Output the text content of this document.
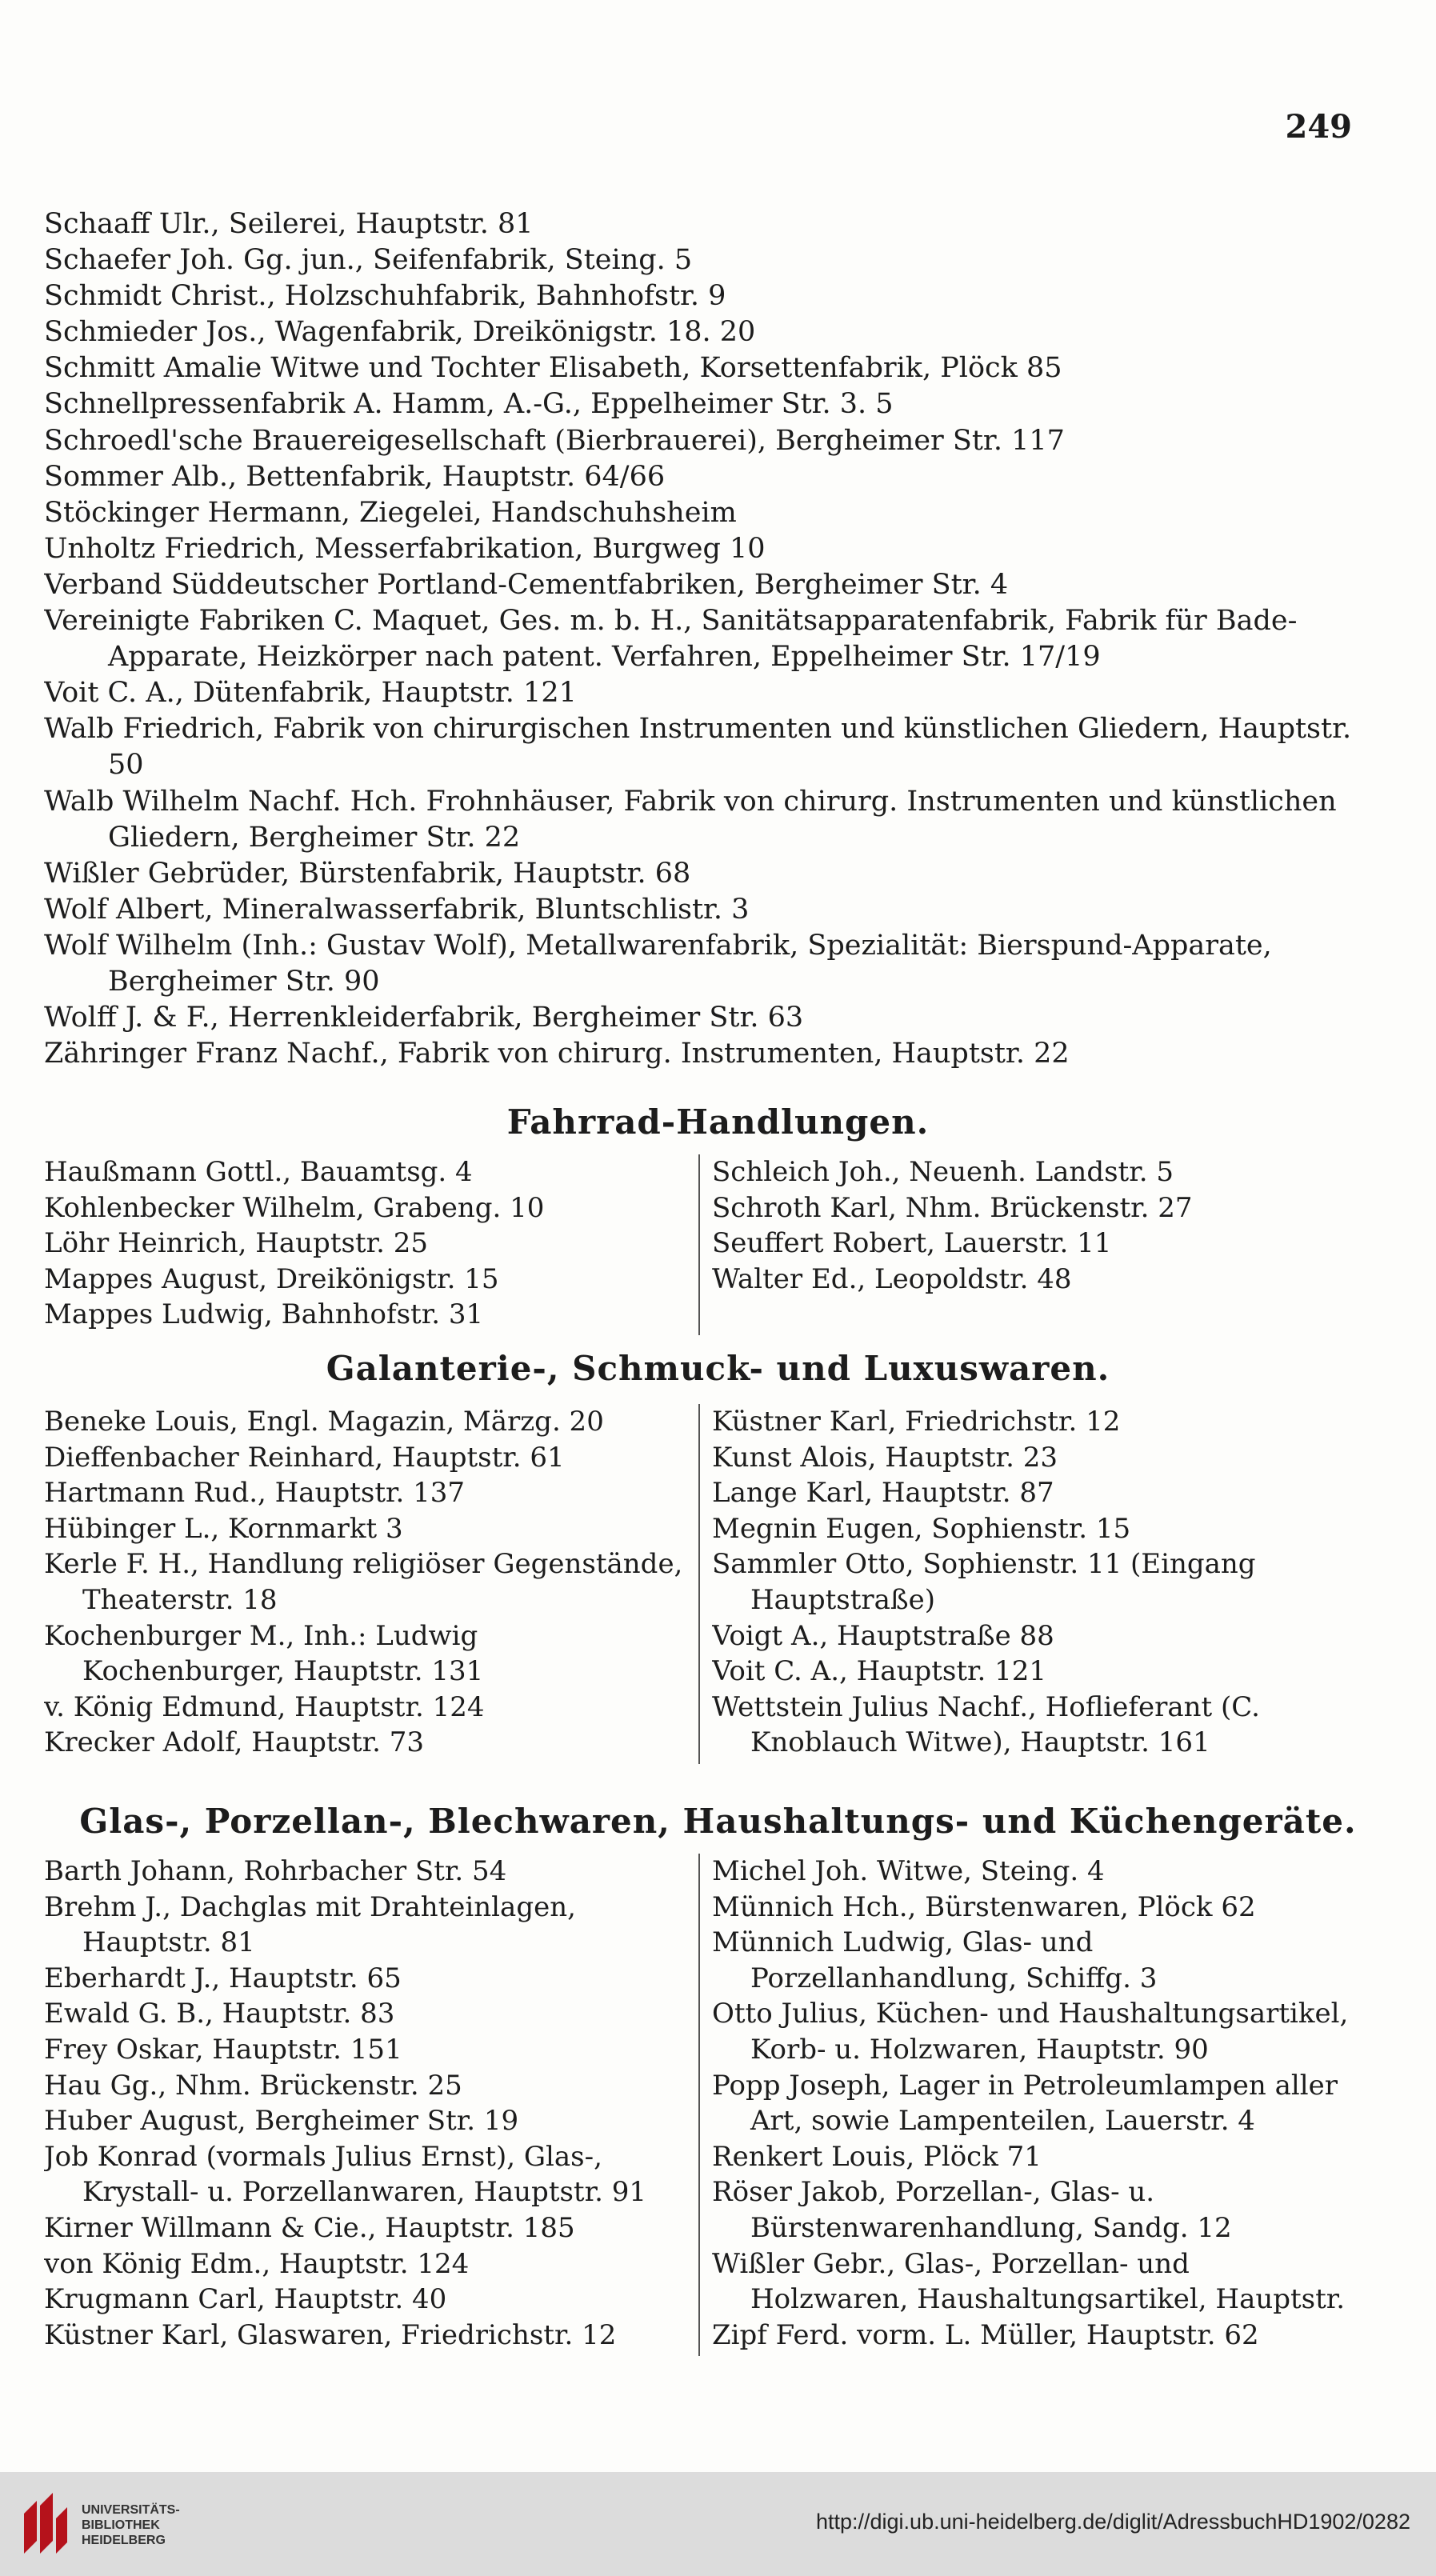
249

Schaaff Ulr., Seilerei, Hauptstr. 81
Schaefer Joh. Gg. jun., Seifenfabrik, Steing. 5
Schmidt Christ., Holzschuhfabrik, Bahnhofstr. 9
Schmieder Jos., Wagenfabrik, Dreikönigstr. 18. 20
Schmitt Amalie Witwe und Tochter Elisabeth, Korsettenfabrik, Plöck 85
Schnellpressenfabrik A. Hamm, A.-G., Eppelheimer Str. 3. 5
Schroedl'sche Brauereigesellschaft (Bierbrauerei), Bergheimer Str. 117
Sommer Alb., Bettenfabrik, Hauptstr. 64/66
Stöckinger Hermann, Ziegelei, Handschuhsheim
Unholtz Friedrich, Messerfabrikation, Burgweg 10
Verband Süddeutscher Portland-Cementfabriken, Bergheimer Str. 4
Vereinigte Fabriken C. Maquet, Ges. m. b. H., Sanitätsapparatenfabrik, Fabrik für Bade-Apparate, Heizkörper nach patent. Verfahren, Eppelheimer Str. 17/19
Voit C. A., Dütenfabrik, Hauptstr. 121
Walb Friedrich, Fabrik von chirurgischen Instrumenten und künstlichen Gliedern, Hauptstr. 50
Walb Wilhelm Nachf. Hch. Frohnhäuser, Fabrik von chirurg. Instrumenten und künstlichen Gliedern, Bergheimer Str. 22
Wißler Gebrüder, Bürstenfabrik, Hauptstr. 68
Wolf Albert, Mineralwasserfabrik, Bluntschlistr. 3
Wolf Wilhelm (Inh.: Gustav Wolf), Metallwarenfabrik, Spezialität: Bierspund-Apparate, Bergheimer Str. 90
Wolff J. & F., Herrenkleiderfabrik, Bergheimer Str. 63
Zähringer Franz Nachf., Fabrik von chirurg. Instrumenten, Hauptstr. 22
Fahrrad-Handlungen.
Haußmann Gottl., Bauamtsg. 4
Kohlenbecker Wilhelm, Grabeng. 10
Löhr Heinrich, Hauptstr. 25
Mappes August, Dreikönigstr. 15
Mappes Ludwig, Bahnhofstr. 31
Schleich Joh., Neuenh. Landstr. 5
Schroth Karl, Nhm. Brückenstr. 27
Seuffert Robert, Lauerstr. 11
Walter Ed., Leopoldstr. 48
Galanterie-, Schmuck- und Luxuswaren.
Beneke Louis, Engl. Magazin, Märzg. 20
Dieffenbacher Reinhard, Hauptstr. 61
Hartmann Rud., Hauptstr. 137
Hübinger L., Kornmarkt 3
Kerle F. H., Handlung religiöser Gegenstände, Theaterstr. 18
Kochenburger M., Inh.: Ludwig Kochenburger, Hauptstr. 131
v. König Edmund, Hauptstr. 124
Krecker Adolf, Hauptstr. 73
Küstner Karl, Friedrichstr. 12
Kunst Alois, Hauptstr. 23
Lange Karl, Hauptstr. 87
Megnin Eugen, Sophienstr. 15
Sammler Otto, Sophienstr. 11 (Eingang Hauptstraße)
Voigt A., Hauptstraße 88
Voit C. A., Hauptstr. 121
Wettstein Julius Nachf., Hoflieferant (C. Knoblauch Witwe), Hauptstr. 161
Glas-, Porzellan-, Blechwaren, Haushaltungs- und Küchengeräte.
Barth Johann, Rohrbacher Str. 54
Brehm J., Dachglas mit Drahteinlagen, Hauptstr. 81
Eberhardt J., Hauptstr. 65
Ewald G. B., Hauptstr. 83
Frey Oskar, Hauptstr. 151
Hau Gg., Nhm. Brückenstr. 25
Huber August, Bergheimer Str. 19
Job Konrad (vormals Julius Ernst), Glas-, Krystall- u. Porzellanwaren, Hauptstr. 91
Kirner Willmann & Cie., Hauptstr. 185
von König Edm., Hauptstr. 124
Krugmann Carl, Hauptstr. 40
Küstner Karl, Glaswaren, Friedrichstr. 12
Michel Joh. Witwe, Steing. 4
Münnich Hch., Bürstenwaren, Plöck 62
Münnich Ludwig, Glas- und Porzellanhandlung, Schiffg. 3
Otto Julius, Küchen- und Haushaltungsartikel, Korb- u. Holzwaren, Hauptstr. 90
Popp Joseph, Lager in Petroleumlampen aller Art, sowie Lampenteilen, Lauerstr. 4
Renkert Louis, Plöck 71
Röser Jakob, Porzellan-, Glas- u. Bürstenwarenhandlung, Sandg. 12
Wißler Gebr., Glas-, Porzellan- und Holzwaren, Haushaltungsartikel, Hauptstr.
Zipf Ferd. vorm. L. Müller, Hauptstr. 62
UNIVERSITÄTS-
BIBLIOTHEK
HEIDELBERG
http://digi.ub.uni-heidelberg.de/diglit/AdressbuchHD1902/0282
